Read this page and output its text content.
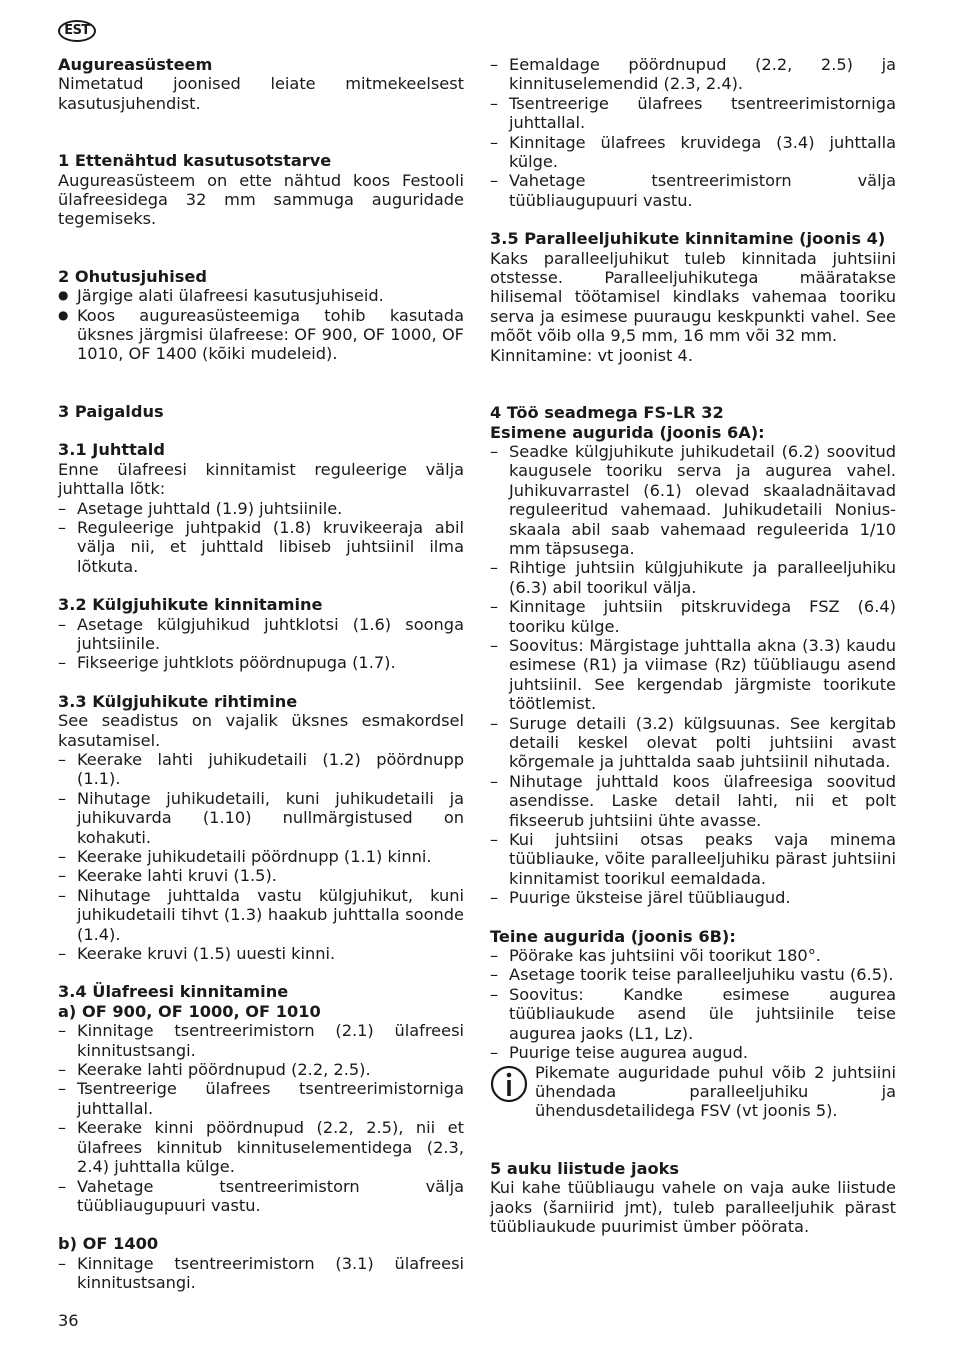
EST

Augureasüsteem

Nimetatud joonised leiate mitmekeelsest kasutusjuhendist.

1 Ettenähtud kasutusotstarve

Augureasüsteem on ette nähtud koos Festooli ülafreesidega 32 mm sammuga auguridade tegemiseks.

2 Ohutusjuhised

● Järgige alati ülafreesi kasutusjuhiseid.
● Koos augureasüsteemiga tohib kasutada üksnes järgmisi ülafreese: OF 900, OF 1000, OF 1010, OF 1400 (kõiki mudeleid).

3 Paigaldus

3.1 Juhttald

Enne ülafreesi kinnitamist reguleerige välja juhttalla lõtk:

– Asetage juhttald (1.9) juhtsiinile.
– Reguleerige juhtpakid (1.8) kruvikeeraja abil välja nii, et juhttald libiseb juhtsiinil ilma lõtkuta.

3.2 Külgjuhikute kinnitamine

– Asetage külgjuhikud juhtklotsi (1.6) soonga juhtsiinile.
– Fikseerige juhtklots pöördnupuga (1.7).

3.3 Külgjuhikute rihtimine

See seadistus on vajalik üksnes esmakordsel kasutamisel.

– Keerake lahti juhikudetaili (1.2) pöördnupp (1.1).
– Nihutage juhikudetaili, kuni juhikudetaili ja juhikuvarda (1.10) nullmärgistused on kohakuti.
– Keerake juhikudetaili pöördnupp (1.1) kinni.
– Keerake lahti kruvi (1.5).
– Nihutage juhttalda vastu külgjuhikut, kuni juhikudetaili tihvt (1.3) haakub juhttalla soonde (1.4).
– Keerake kruvi (1.5) uuesti kinni.

3.4 Ülafreesi kinnitamine

a) OF 900, OF 1000, OF 1010

– Kinnitage tsentreerimistorn (2.1) ülafreesi kinnitustsangi.
– Keerake lahti pöördnupud (2.2, 2.5).
– Tsentreerige ülafrees tsentreerimistorniga juhttallal.
– Keerake kinni pöördnupud (2.2, 2.5), nii et ülafrees kinnitub kinnituselementidega (2.3, 2.4) juhttalla külge.
– Vahetage tsentreerimistorn välja tüübliaugupuuri vastu.

b) OF 1400

– Kinnitage tsentreerimistorn (3.1) ülafreesi kinnitustsangi.
– Eemaldage pöördnupud (2.2, 2.5) ja kinnituselemendid (2.3, 2.4).
– Tsentreerige ülafrees tsentreerimistorniga juhttallal.
– Kinnitage ülafrees kruvidega (3.4) juhttalla külge.
– Vahetage tsentreerimistorn välja tüübliaugupuuri vastu.

3.5 Paralleeljuhikute kinnitamine (joonis 4)

Kaks paralleeljuhikut tuleb kinnitada juhtsiini otstesse. Paralleeljuhikutega määratakse hilisemal töötamisel kindlaks vahemaa tooriku serva ja esimese puuraugu keskpunkti vahel. See mõõt võib olla 9,5 mm, 16 mm või 32 mm.

Kinnitamine: vt joonist 4.

4 Töö seadmega FS-LR 32

Esimene augurida (joonis 6A):

– Seadke külgjuhikute juhikudetail (6.2) soovitud kaugusele tooriku serva ja augurea vahel. Juhikuvarrastel (6.1) olevad skaaladnäitavad reguleeritud vahemaad. Juhikudetaili Nonius-skaala abil saab vahemaad reguleerida 1/10 mm täpsusega.
– Rihtige juhtsiin külgjuhikute ja paralleeljuhiku (6.3) abil toorikul välja.
– Kinnitage juhtsiin pitskruvidega FSZ (6.4) tooriku külge.
– Soovitus: Märgistage juhttalla akna (3.3) kaudu esimese (R1) ja viimase (Rz) tüübliaugu asend juhtsiinil. See kergendab järgmiste toorikute töötlemist.
– Suruge detaili (3.2) külgsuunas. See kergitab detaili keskel olevat polti juhtsiini avast kõrgemale ja juhttalda saab juhtsiinil nihutada.
– Nihutage juhttald koos ülafreesiga soovitud asendisse. Laske detail lahti, nii et polt fikseerub juhtsiini ühte avasse.
– Kui juhtsiini otsas peaks vaja minema tüübliauke, võite paralleeljuhiku pärast juhtsiini kinnitamist toorikul eemaldada.
– Puurige üksteise järel tüübliaugud.

Teine augurida (joonis 6B):

– Pöörake kas juhtsiini või toorikut 180°.
– Asetage toorik teise paralleeljuhiku vastu (6.5).
– Soovitus: Kandke esimese augurea tüübliaukude asend üle juhtsiinile teise augurea jaoks (L1, Lz).
– Puurige teise augurea augud.

Pikemate auguridade puhul võib 2 juhtsiini ühendada paralleeljuhiku ja ühendusdetailidega FSV (vt joonis 5).

5 auku liistude jaoks

Kui kahe tüübliaugu vahele on vaja auke liistude jaoks (šarniirid jmt), tuleb paralleeljuhik pärast tüübliaukude puurimist ümber pöörata.

36
